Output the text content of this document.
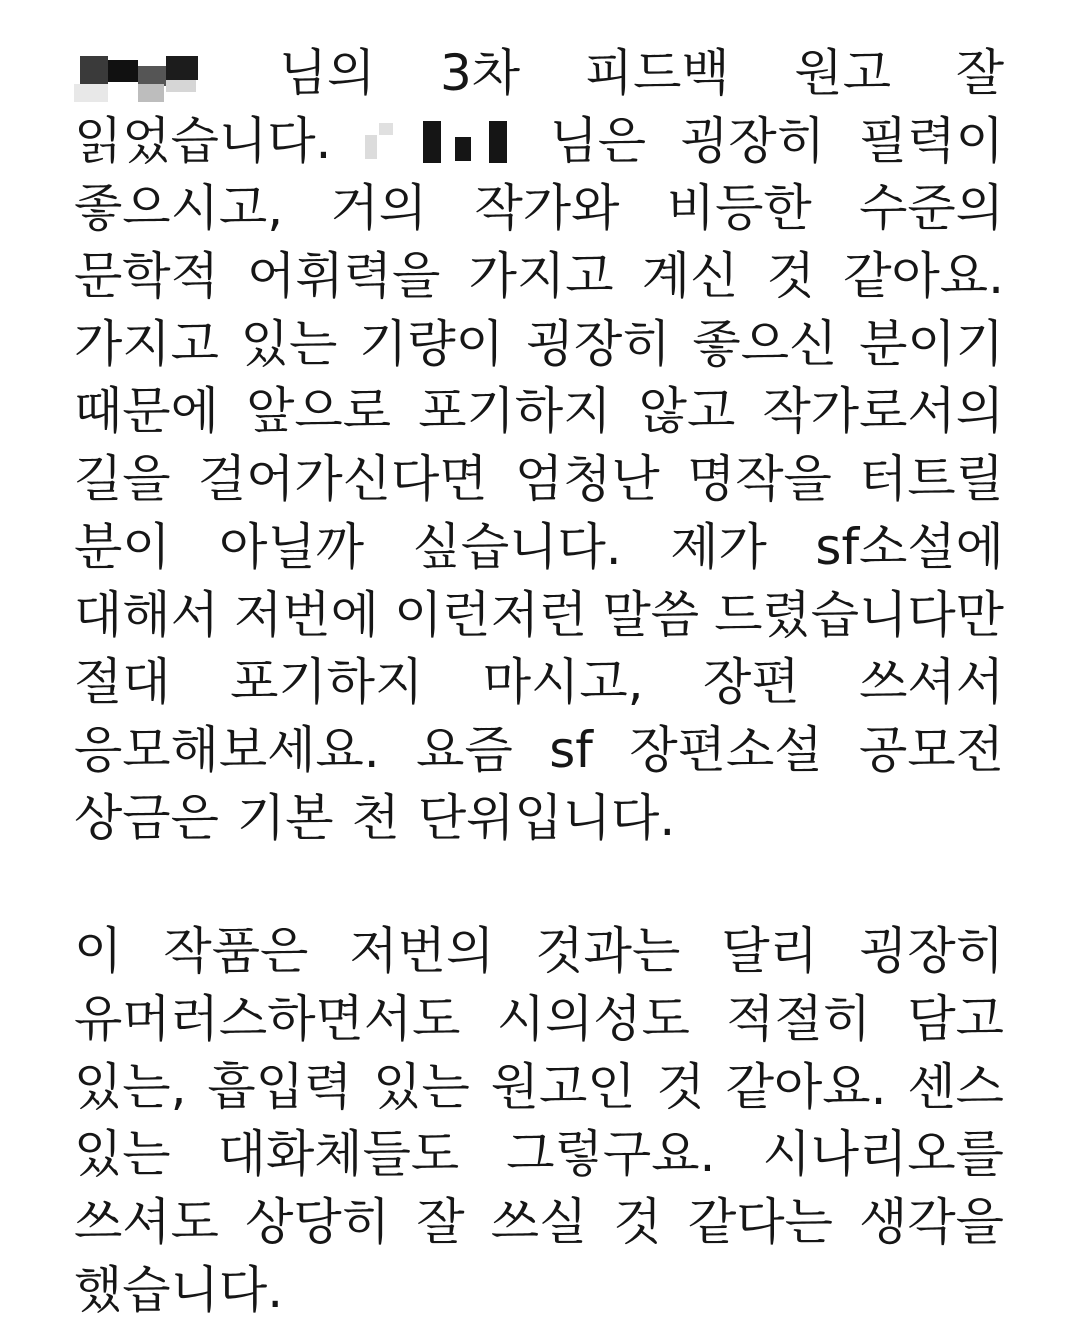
님의 3차 피드백 원고 잘
읽었습니다.	님은 굉장히 필력이
좋으시고, 거의 작가와 비등한 수준의
문학적 어휘력을 가지고 계신 것 같아요.
가지고 있는 기량이 굉장히 좋으신 분이기
때문에 앞으로 포기하지 않고 작가로서의
길을 걸어가신다면 엄청난 명작을 터트릴
분이 아닐까 싶습니다. 제가 sf소설에
대해서 저번에 이런저런 말씀 드렸습니다만
절대 포기하지 마시고, 장편 쓰셔서
응모해보세요. 요즘 sf 장편소설 공모전
상금은 기본 천 단위입니다.
이 작품은 저번의 것과는 달리 굉장히
유머러스하면서도 시의성도 적절히 담고
있는, 흡입력 있는 원고인 것 같아요. 센스
있는 대화체들도 그렇구요. 시나리오를
쓰셔도 상당히 잘 쓰실 것 같다는 생각을
했습니다.
